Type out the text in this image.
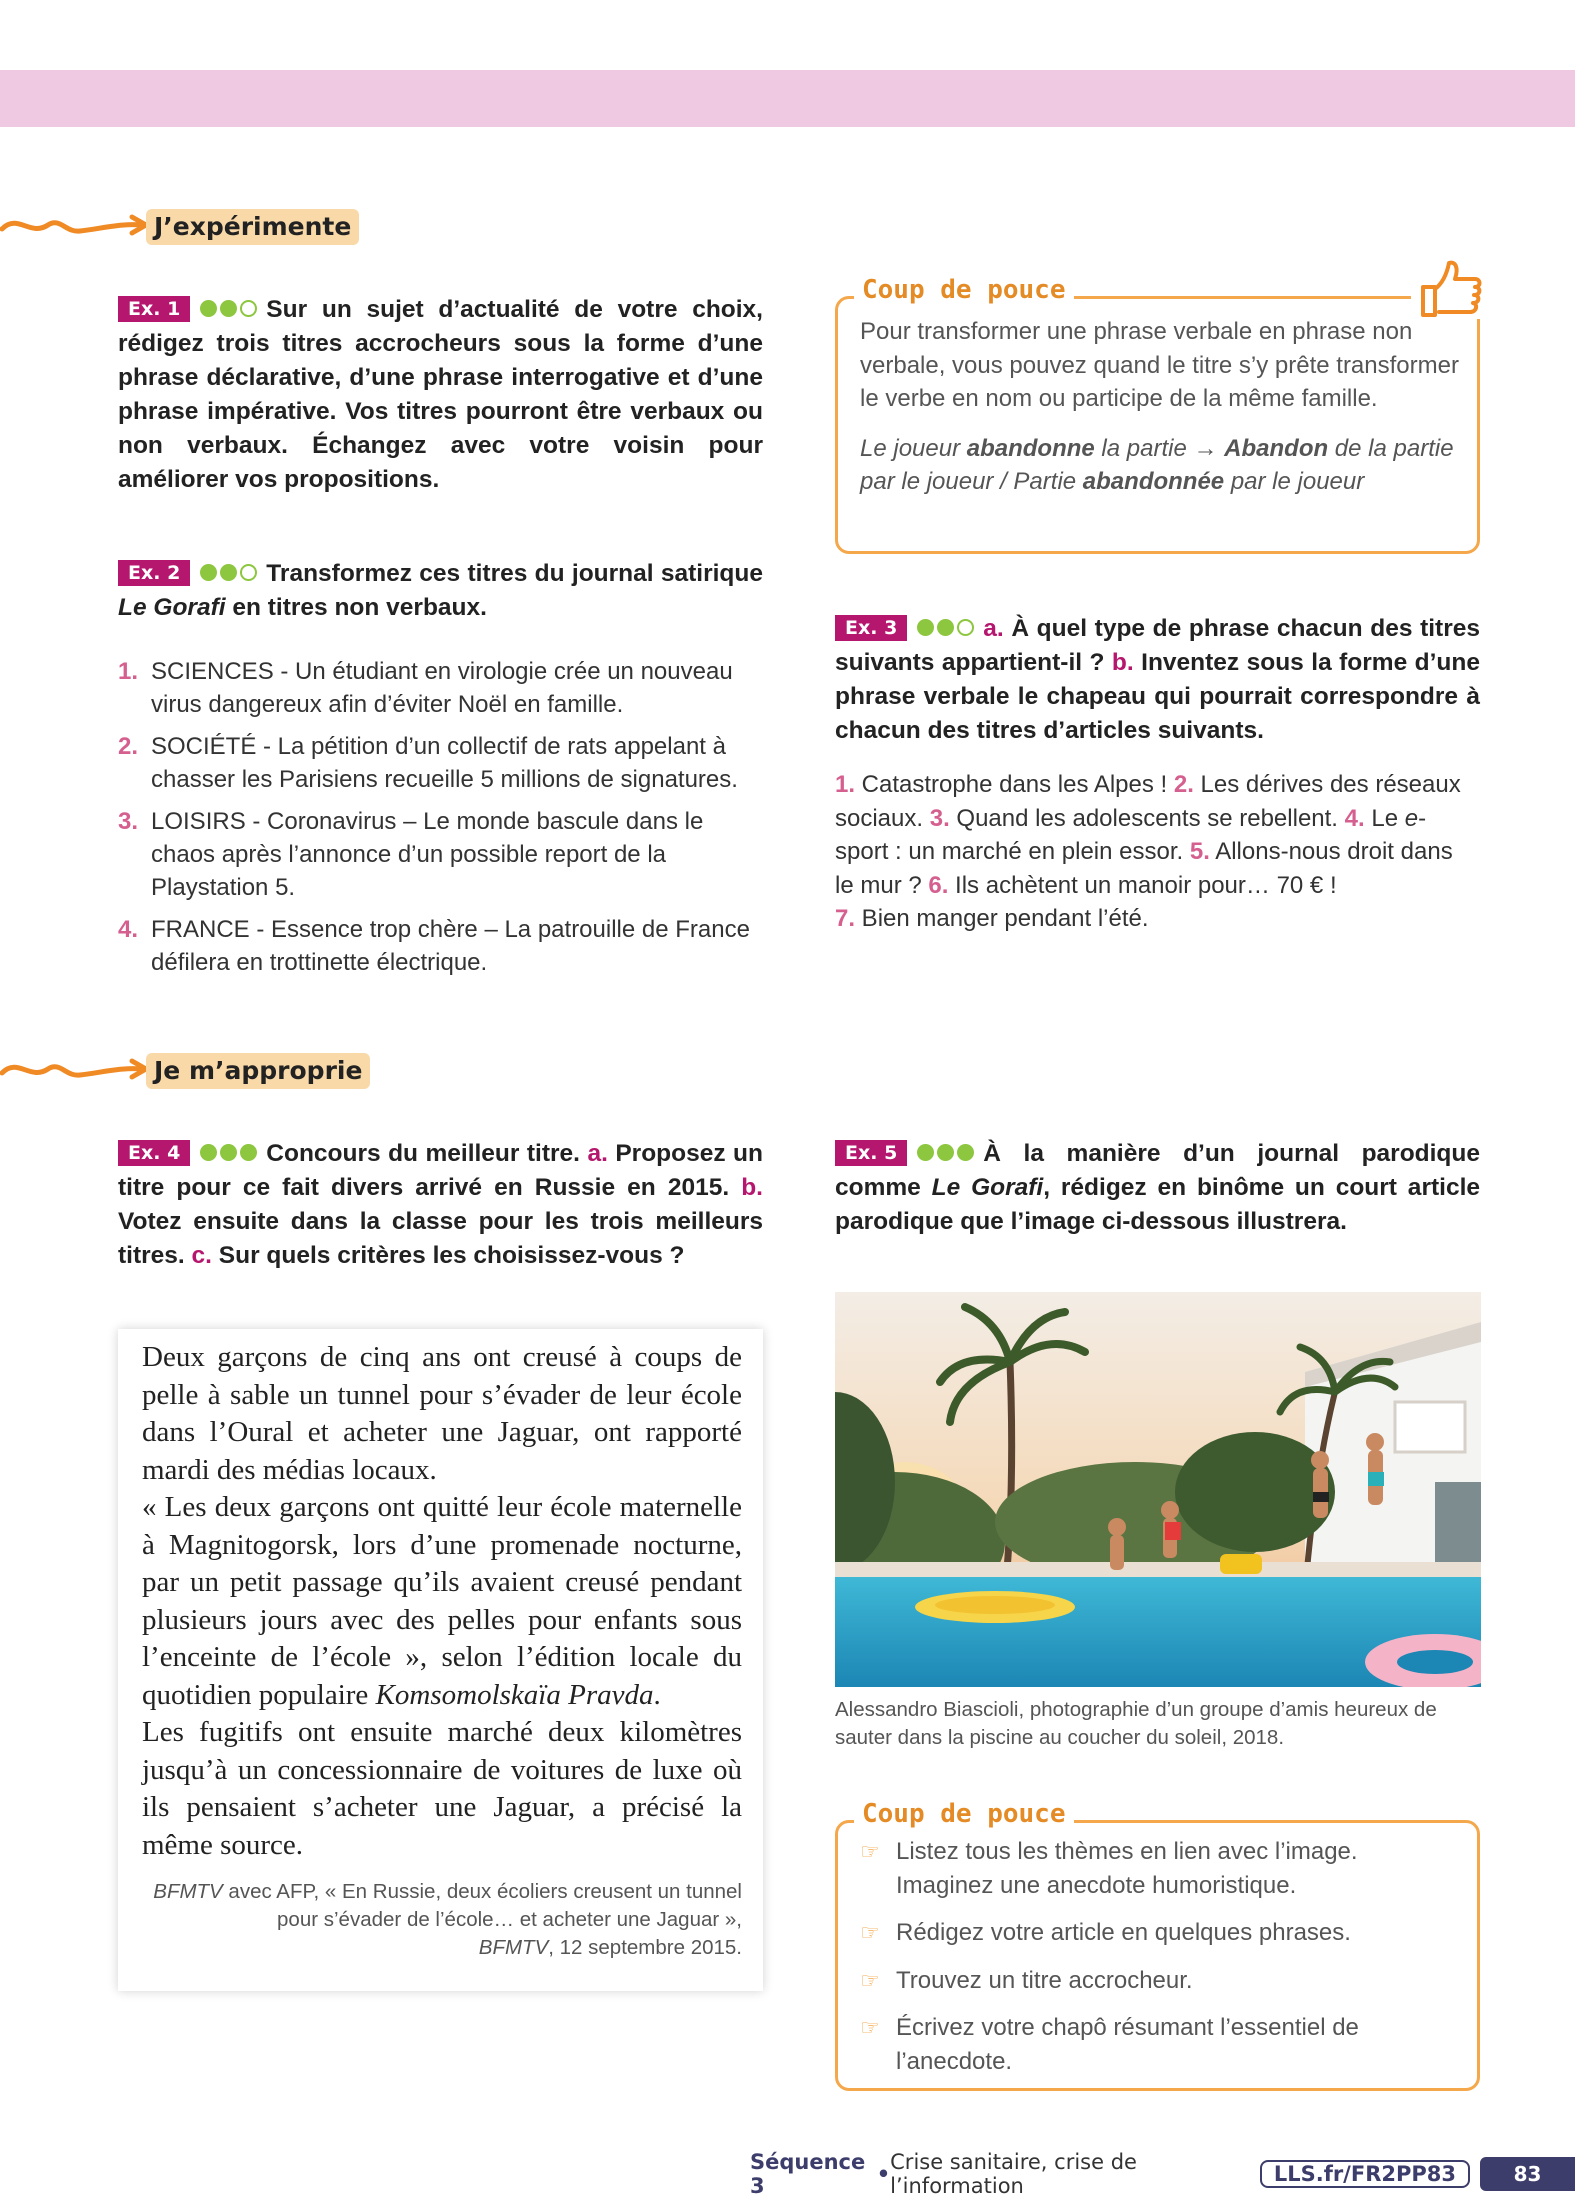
J’expérimente
Ex. 1	Sur un sujet d’actualité de votre choix, rédigez trois titres accrocheurs sous la forme d’une phrase déclarative, d’une phrase interrogative et d’une phrase impérative. Vos titres pourront être verbaux ou non verbaux. Échangez avec votre voisin pour améliorer vos propositions.
Ex. 2	Transformez ces titres du journal satirique Le Gorafi en titres non verbaux.
1. SCIENCES - Un étudiant en virologie crée un nouveau virus dangereux afin d’éviter Noël en famille.
2. SOCIÉTÉ - La pétition d’un collectif de rats appelant à chasser les Parisiens recueille 5 millions de signatures.
3. LOISIRS - Coronavirus – Le monde bascule dans le chaos après l’annonce d’un possible report de la Playstation 5.
4. FRANCE - Essence trop chère – La patrouille de France défilera en trottinette électrique.
Coup de pouce
Pour transformer une phrase verbale en phrase non verbale, vous pouvez quand le titre s’y prête transformer le verbe en nom ou participe de la même famille.
Le joueur abandonne la partie → Abandon de la partie par le joueur / Partie abandonnée par le joueur
Ex. 3	a. À quel type de phrase chacun des titres suivants appartient-il ? b. Inventez sous la forme d’une phrase verbale le chapeau qui pourrait correspondre à chacun des titres d’articles suivants.
1. Catastrophe dans les Alpes ! 2. Les dérives des réseaux sociaux. 3. Quand les adolescents se rebellent. 4. Le e-sport : un marché en plein essor. 5. Allons-nous droit dans le mur ? 6. Ils achètent un manoir pour… 70 € !
7. Bien manger pendant l’été.
Je m’approprie
Ex. 4	Concours du meilleur titre. a. Proposez un titre pour ce fait divers arrivé en Russie en 2015. b. Votez ensuite dans la classe pour les trois meilleurs titres. c. Sur quels critères les choisissez-vous ?

Deux garçons de cinq ans ont creusé à coups de pelle à sable un tunnel pour s’évader de leur école dans l’Oural et acheter une Jaguar, ont rapporté mardi des médias locaux.

« Les deux garçons ont quitté leur école maternelle à Magnitogorsk, lors d’une promenade nocturne, par un petit passage qu’ils avaient creusé pendant plusieurs jours avec des pelles pour enfants sous l’enceinte de l’école », selon l’édition locale du quotidien populaire Komsomolskaïa Pravda.

Les fugitifs ont ensuite marché deux kilomètres jusqu’à un concessionnaire de voitures de luxe où ils pensaient s’acheter une Jaguar, a précisé la même source.

BFMTV avec AFP, « En Russie, deux écoliers creusent un tunnel pour s’évader de l’école… et acheter une Jaguar »,
BFMTV, 12 septembre 2015.
Ex. 5	À la manière d’un journal parodique comme Le Gorafi, rédigez en binôme un court article parodique que l’image ci-dessous illustrera.
Alessandro Biascioli, photographie d’un groupe d’amis heureux de sauter dans la piscine au coucher du soleil, 2018.
Coup de pouce
☞ Listez tous les thèmes en lien avec l’image. Imaginez une anecdote humoristique.
☞ Rédigez votre article en quelques phrases.
☞ Trouvez un titre accrocheur.
☞ Écrivez votre chapô résumant l’essentiel de l’anecdote.
Séquence 3	• Crise sanitaire, crise de l’information	LLS.fr/FR2PP83	83
